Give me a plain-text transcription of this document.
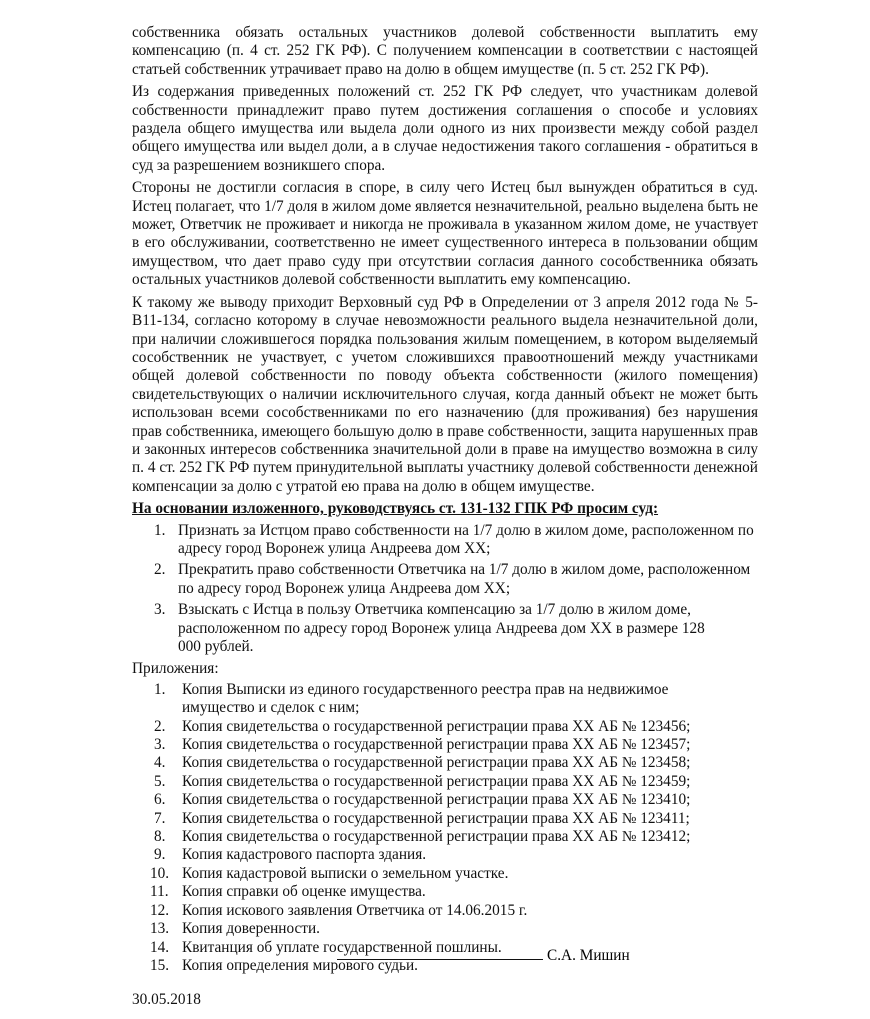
собственника обязать остальных участников долевой собственности выплатить ему компенсацию (п. 4 ст. 252 ГК РФ). С получением компенсации в соответствии с настоящей статьей собственник утрачивает право на долю в общем имуществе (п. 5 ст. 252 ГК РФ).

Из содержания приведенных положений ст. 252 ГК РФ следует, что участникам долевой собственности принадлежит право путем достижения соглашения о способе и условиях раздела общего имущества или выдела доли одного из них произвести между собой раздел общего имущества или выдел доли, а в случае недостижения такого соглашения - обратиться в суд за разрешением возникшего спора.

Стороны не достигли согласия в споре, в силу чего Истец был вынужден обратиться в суд. Истец полагает, что 1/7 доля в жилом доме является незначительной, реально выделена быть не может, Ответчик не проживает и никогда не проживала в указанном жилом доме, не участвует в его обслуживании, соответственно не имеет существенного интереса в пользовании общим имуществом, что дает право суду при отсутствии согласия данного сособственника обязать остальных участников долевой собственности выплатить ему компенсацию.

К такому же выводу приходит Верховный суд РФ в Определении от 3 апреля 2012 года № 5-В11-134, согласно которому в случае невозможности реального выдела незначительной доли, при наличии сложившегося порядка пользования жилым помещением, в котором выделяемый сособственник не участвует, с учетом сложившихся правоотношений между участниками общей долевой собственности по поводу объекта собственности (жилого помещения) свидетельствующих о наличии исключительного случая, когда данный объект не может быть использован всеми сособственниками по его назначению (для проживания) без нарушения прав собственника, имеющего большую долю в праве собственности, защита нарушенных прав и законных интересов собственника значительной доли в праве на имущество возможна в силу п. 4 ст. 252 ГК РФ путем принудительной выплаты участнику долевой собственности денежной компенсации за долю с утратой ею права на долю в общем имуществе.

На основании изложенного, руководствуясь ст. 131-132 ГПК РФ просим суд:
1. Признать за Истцом право собственности на 1/7 долю в жилом доме, расположенном по адресу город Воронеж улица Андреева дом ХХ;
2. Прекратить право собственности Ответчика на 1/7 долю в жилом доме, расположенном по адресу город Воронеж улица Андреева дом ХХ;
3. Взыскать с Истца в пользу Ответчика компенсацию за 1/7 долю в жилом доме, расположенном по адресу город Воронеж улица Андреева дом ХХ в размере 128 000 рублей.
Приложения:
1. Копия Выписки из единого государственного реестра прав на недвижимое имущество и сделок с ним;
2. Копия свидетельства о государственной регистрации права ХХ АБ № 123456;
3. Копия свидетельства о государственной регистрации права ХХ АБ № 123457;
4. Копия свидетельства о государственной регистрации права ХХ АБ № 123458;
5. Копия свидетельства о государственной регистрации права ХХ АБ № 123459;
6. Копия свидетельства о государственной регистрации права ХХ АБ № 123410;
7. Копия свидетельства о государственной регистрации права ХХ АБ № 123411;
8. Копия свидетельства о государственной регистрации права ХХ АБ № 123412;
9. Копия кадастрового паспорта здания.
10. Копия кадастровой выписки о земельном участке.
11. Копия справки об оценке имущества.
12. Копия искового заявления Ответчика от 14.06.2015 г.
13. Копия доверенности.
14. Квитанция об уплате государственной пошлины.
15. Копия определения мирового судьи.
30.05.2018
С.А. Мишин
